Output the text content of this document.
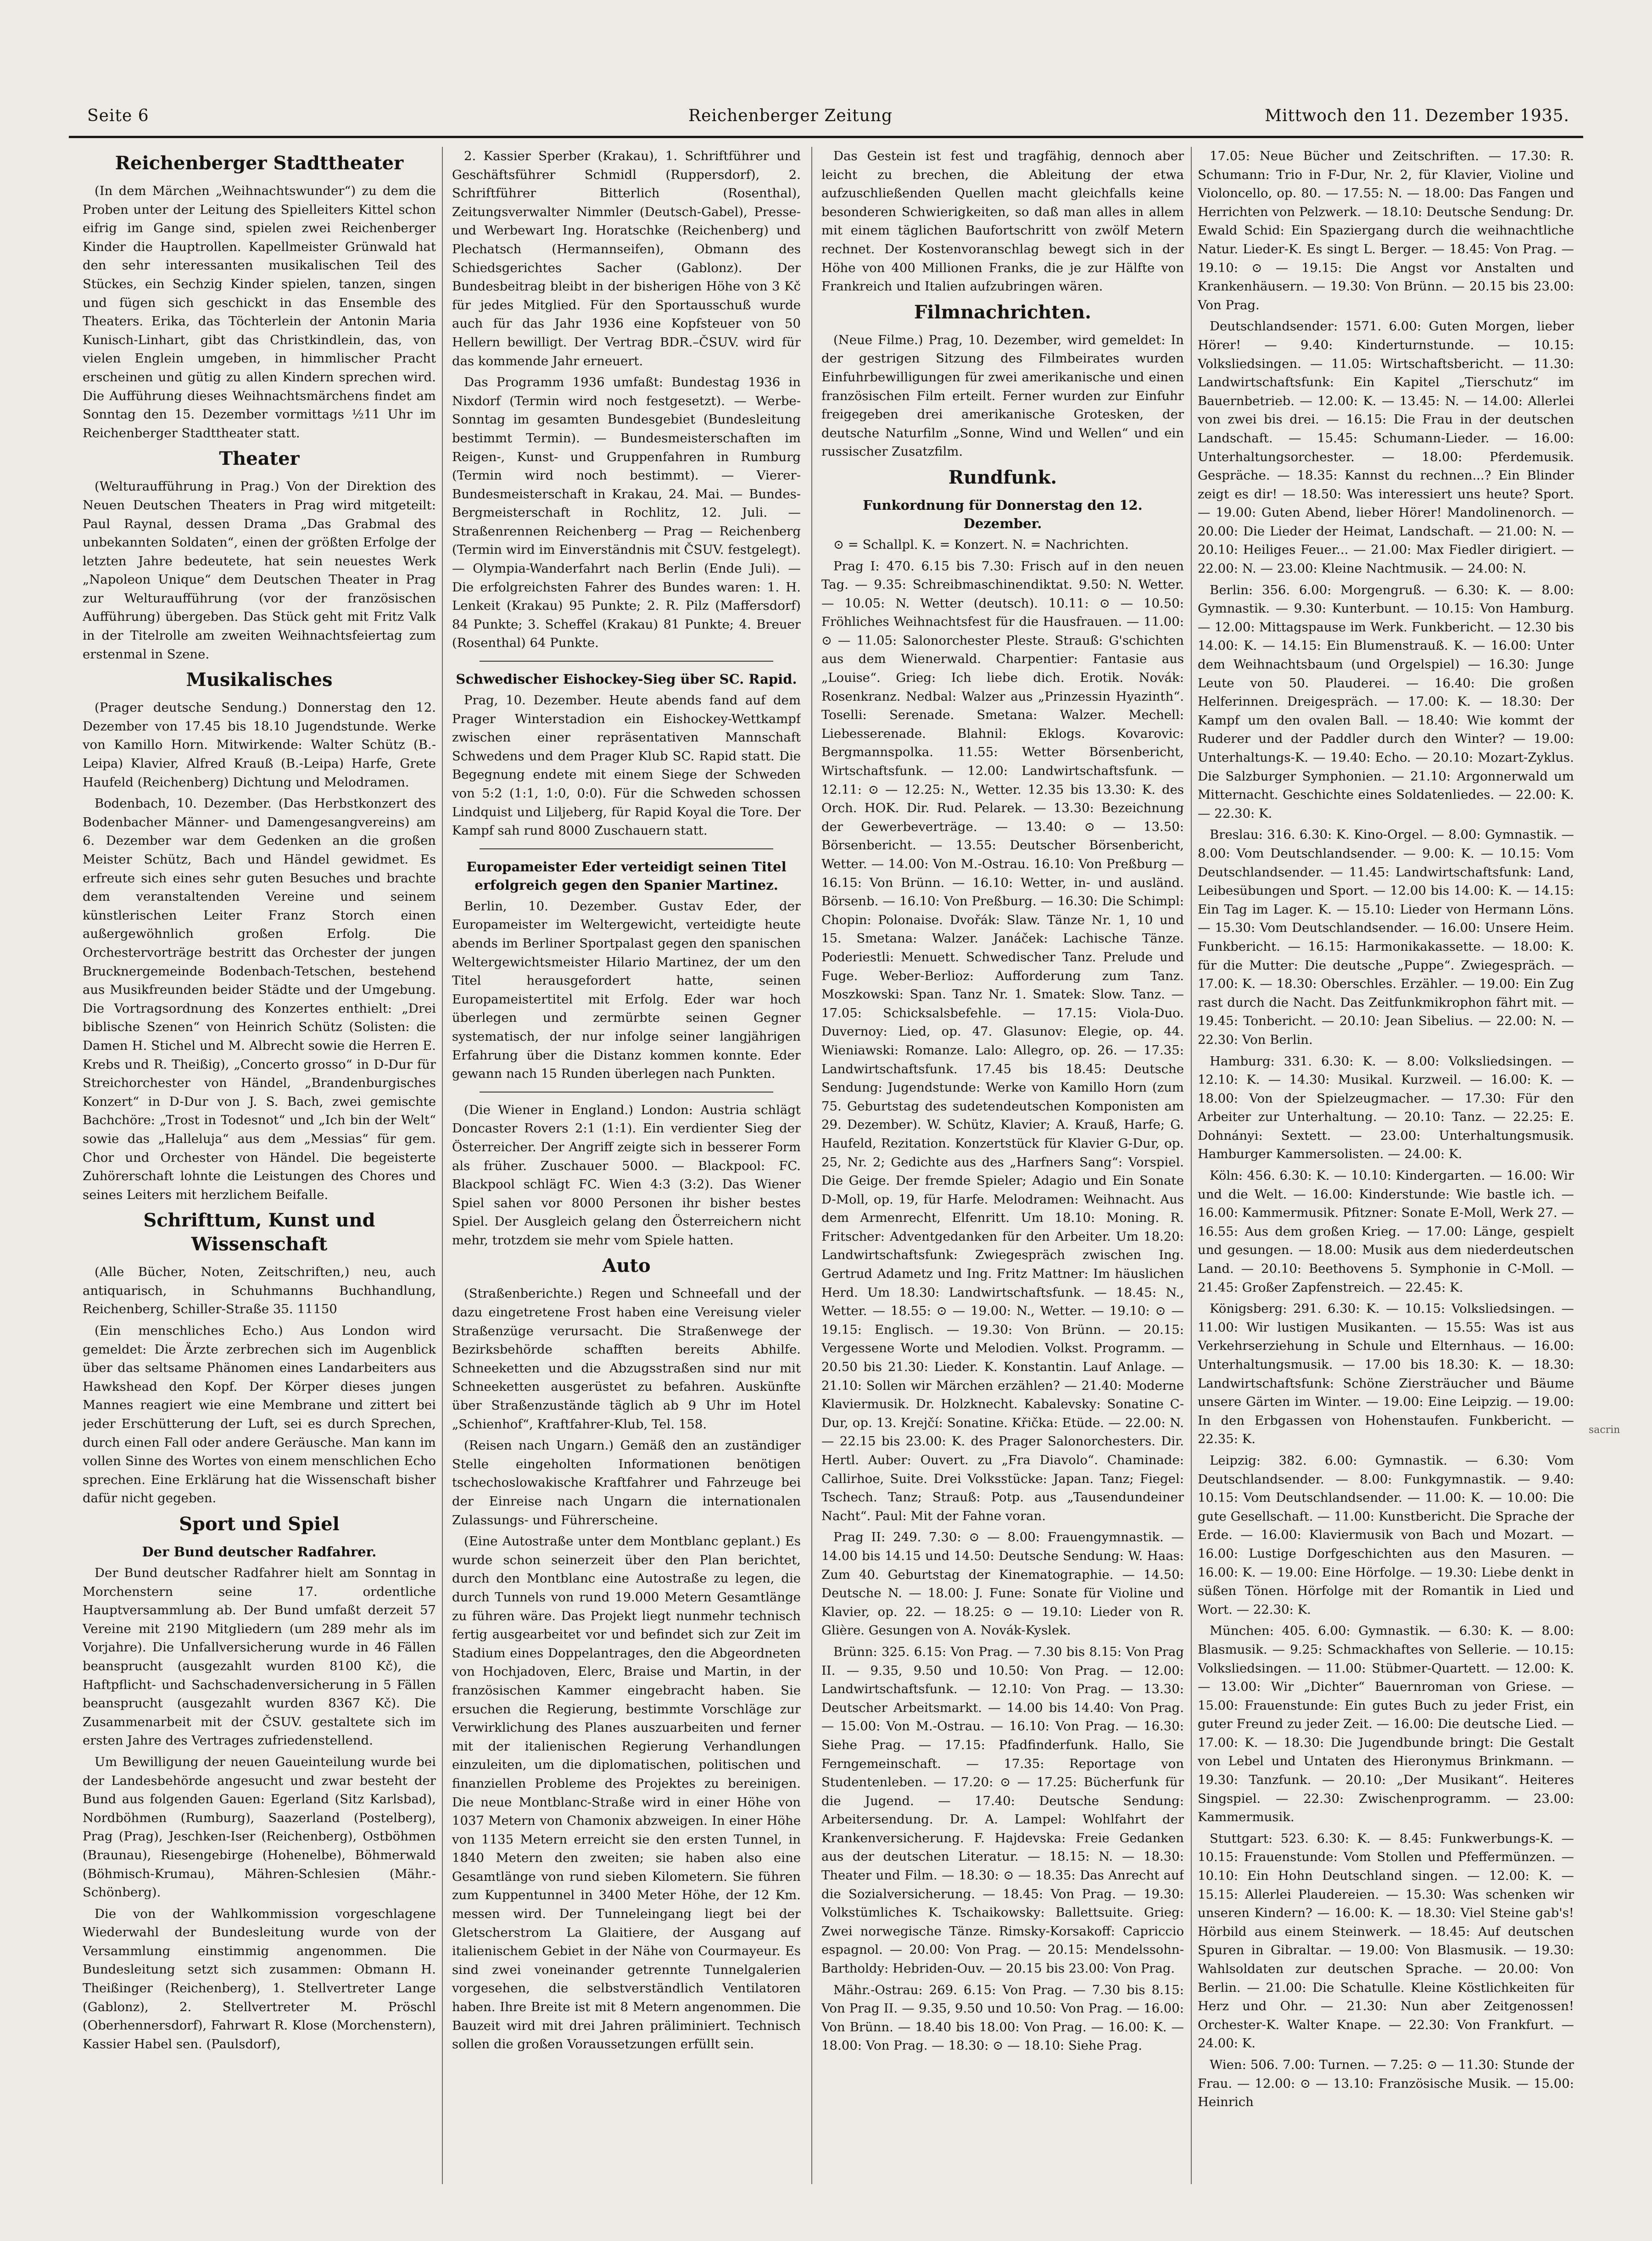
Seite 6	Reichenberger Zeitung	Mittwoch den 11. Dezember 1935.
Reichenberger Stadttheater

(In dem Märchen „Weihnachtswunder“) zu dem die Proben unter der Leitung des Spielleiters Kittel schon eifrig im Gange sind, spielen zwei Reichenberger Kinder die Hauptrollen. Kapellmeister Grünwald hat den sehr interessanten musikalischen Teil des Stückes, ein Sechzig Kinder spielen, tanzen, singen und fügen sich geschickt in das Ensemble des Theaters. Erika, das Töchterlein der Antonin Maria Kunisch-Linhart, gibt das Christkindlein, das, von vielen Englein umgeben, in himmlischer Pracht erscheinen und gütig zu allen Kindern sprechen wird. Die Aufführung dieses Weihnachtsmärchens findet am Sonntag den 15. Dezember vormittags ½11 Uhr im Reichenberger Stadttheater statt.

Theater

(Welturaufführung in Prag.) Von der Direktion des Neuen Deutschen Theaters in Prag wird mitgeteilt: Paul Raynal, dessen Drama „Das Grabmal des unbekannten Soldaten“, einen der größten Erfolge der letzten Jahre bedeutete, hat sein neuestes Werk „Napoleon Unique“ dem Deutschen Theater in Prag zur Welturaufführung (vor der französischen Aufführung) übergeben. Das Stück geht mit Fritz Valk in der Titelrolle am zweiten Weihnachtsfeiertag zum erstenmal in Szene.

Musikalisches

(Prager deutsche Sendung.) Donnerstag den 12. Dezember von 17.45 bis 18.10 Jugendstunde. Werke von Kamillo Horn. Mitwirkende: Walter Schütz (B.-Leipa) Klavier, Alfred Krauß (B.-Leipa) Harfe, Grete Haufeld (Reichenberg) Dichtung und Melodramen.

Bodenbach, 10. Dezember. (Das Herbstkonzert des Bodenbacher Männer- und Damengesangvereins) am 6. Dezember war dem Gedenken an die großen Meister Schütz, Bach und Händel gewidmet. Es erfreute sich eines sehr guten Besuches und brachte dem veranstaltenden Vereine und seinem künstlerischen Leiter Franz Storch einen außergewöhnlich großen Erfolg. Die Orchestervorträge bestritt das Orchester der jungen Brucknergemeinde Bodenbach-Tetschen, bestehend aus Musikfreunden beider Städte und der Umgebung. Die Vortragsordnung des Konzertes enthielt: „Drei biblische Szenen“ von Heinrich Schütz (Solisten: die Damen H. Stichel und M. Albrecht sowie die Herren E. Krebs und R. Theißig), „Concerto grosso“ in D-Dur für Streichorchester von Händel, „Brandenburgisches Konzert“ in D-Dur von J. S. Bach, zwei gemischte Bachchöre: „Trost in Todesnot“ und „Ich bin der Welt“ sowie das „Halleluja“ aus dem „Messias“ für gem. Chor und Orchester von Händel. Die begeisterte Zuhörerschaft lohnte die Leistungen des Chores und seines Leiters mit herzlichem Beifalle.

Schrifttum, Kunst und Wissenschaft

(Alle Bücher, Noten, Zeitschriften,) neu, auch antiquarisch, in Schuhmanns Buchhandlung, Reichenberg, Schiller-Straße 35. 11150

(Ein menschliches Echo.) Aus London wird gemeldet: Die Ärzte zerbrechen sich im Augenblick über das seltsame Phänomen eines Landarbeiters aus Hawkshead den Kopf. Der Körper dieses jungen Mannes reagiert wie eine Membrane und zittert bei jeder Erschütterung der Luft, sei es durch Sprechen, durch einen Fall oder andere Geräusche. Man kann im vollen Sinne des Wortes von einem menschlichen Echo sprechen. Eine Erklärung hat die Wissenschaft bisher dafür nicht gegeben.

Sport und Spiel
Der Bund deutscher Radfahrer.

Der Bund deutscher Radfahrer hielt am Sonntag in Morchenstern seine 17. ordentliche Hauptversammlung ab. Der Bund umfaßt derzeit 57 Vereine mit 2190 Mitgliedern (um 289 mehr als im Vorjahre). Die Unfallversicherung wurde in 46 Fällen beansprucht (ausgezahlt wurden 8100 Kč), die Haftpflicht- und Sachschadenversicherung in 5 Fällen beansprucht (ausgezahlt wurden 8367 Kč). Die Zusammenarbeit mit der ČSUV. gestaltete sich im ersten Jahre des Vertrages zufriedenstellend.

Um Bewilligung der neuen Gaueinteilung wurde bei der Landesbehörde angesucht und zwar besteht der Bund aus folgenden Gauen: Egerland (Sitz Karlsbad), Nordböhmen (Rumburg), Saazerland (Postelberg), Prag (Prag), Jeschken-Iser (Reichenberg), Ostböhmen (Braunau), Riesengebirge (Hohenelbe), Böhmerwald (Böhmisch-Krumau), Mähren-Schlesien (Mähr.-Schönberg).

Die von der Wahlkommission vorgeschlagene Wiederwahl der Bundesleitung wurde von der Versammlung einstimmig angenommen. Die Bundesleitung setzt sich zusammen: Obmann H. Theißinger (Reichenberg), 1. Stellvertreter Lange (Gablonz), 2. Stellvertreter M. Pröschl (Oberhennersdorf), Fahrwart R. Klose (Morchenstern), Kassier Habel sen. (Paulsdorf),

2. Kassier Sperber (Krakau), 1. Schriftführer und Geschäftsführer Schmidl (Ruppersdorf), 2. Schriftführer Bitterlich (Rosenthal), Zeitungsverwalter Nimmler (Deutsch-Gabel), Presse- und Werbewart Ing. Horatschke (Reichenberg) und Plechatsch (Hermannseifen), Obmann des Schiedsgerichtes Sacher (Gablonz). Der Bundesbeitrag bleibt in der bisherigen Höhe von 3 Kč für jedes Mitglied. Für den Sportausschuß wurde auch für das Jahr 1936 eine Kopfsteuer von 50 Hellern bewilligt. Der Vertrag BDR.–ČSUV. wird für das kommende Jahr erneuert.

Das Programm 1936 umfaßt: Bundestag 1936 in Nixdorf (Termin wird noch festgesetzt). — Werbe-Sonntag im gesamten Bundesgebiet (Bundesleitung bestimmt Termin). — Bundesmeisterschaften im Reigen-, Kunst- und Gruppenfahren in Rumburg (Termin wird noch bestimmt). — Vierer-Bundesmeisterschaft in Krakau, 24. Mai. — Bundes-Bergmeisterschaft in Rochlitz, 12. Juli. — Straßenrennen Reichenberg — Prag — Reichenberg (Termin wird im Einverständnis mit ČSUV. festgelegt). — Olympia-Wanderfahrt nach Berlin (Ende Juli). — Die erfolgreichsten Fahrer des Bundes waren: 1. H. Lenkeit (Krakau) 95 Punkte; 2. R. Pilz (Maffersdorf) 84 Punkte; 3. Scheffel (Krakau) 81 Punkte; 4. Breuer (Rosenthal) 64 Punkte.

Schwedischer Eishockey-Sieg über SC. Rapid.

Prag, 10. Dezember. Heute abends fand auf dem Prager Winterstadion ein Eishockey-Wettkampf zwischen einer repräsentativen Mannschaft Schwedens und dem Prager Klub SC. Rapid statt. Die Begegnung endete mit einem Siege der Schweden von 5:2 (1:1, 1:0, 0:0). Für die Schweden schossen Lindquist und Liljeberg, für Rapid Koyal die Tore. Der Kampf sah rund 8000 Zuschauern statt.

Europameister Eder verteidigt seinen Titel erfolgreich gegen den Spanier Martinez.

Berlin, 10. Dezember. Gustav Eder, der Europameister im Weltergewicht, verteidigte heute abends im Berliner Sportpalast gegen den spanischen Weltergewichtsmeister Hilario Martinez, der um den Titel herausgefordert hatte, seinen Europameistertitel mit Erfolg. Eder war hoch überlegen und zermürbte seinen Gegner systematisch, der nur infolge seiner langjährigen Erfahrung über die Distanz kommen konnte. Eder gewann nach 15 Runden überlegen nach Punkten.

(Die Wiener in England.) London: Austria schlägt Doncaster Rovers 2:1 (1:1). Ein verdienter Sieg der Österreicher. Der Angriff zeigte sich in besserer Form als früher. Zuschauer 5000. — Blackpool: FC. Blackpool schlägt FC. Wien 4:3 (3:2). Das Wiener Spiel sahen vor 8000 Personen ihr bisher bestes Spiel. Der Ausgleich gelang den Österreichern nicht mehr, trotzdem sie mehr vom Spiele hatten.

Auto

(Straßenberichte.) Regen und Schneefall und der dazu eingetretene Frost haben eine Vereisung vieler Straßenzüge verursacht. Die Straßenwege der Bezirksbehörde schafften bereits Abhilfe. Schneeketten und die Abzugsstraßen sind nur mit Schneeketten ausgerüstet zu befahren. Auskünfte über Straßenzustände täglich ab 9 Uhr im Hotel „Schienhof“, Kraftfahrer-Klub, Tel. 158.

(Reisen nach Ungarn.) Gemäß den an zuständiger Stelle eingeholten Informationen benötigen tschechoslowakische Kraftfahrer und Fahrzeuge bei der Einreise nach Ungarn die internationalen Zulassungs- und Führerscheine.

(Eine Autostraße unter dem Montblanc geplant.) Es wurde schon seinerzeit über den Plan berichtet, durch den Montblanc eine Autostraße zu legen, die durch Tunnels von rund 19.000 Metern Gesamtlänge zu führen wäre. Das Projekt liegt nunmehr technisch fertig ausgearbeitet vor und befindet sich zur Zeit im Stadium eines Doppelantrages, den die Abgeordneten von Hochjadoven, Elerc, Braise und Martin, in der französischen Kammer eingebracht haben. Sie ersuchen die Regierung, bestimmte Vorschläge zur Verwirklichung des Planes auszuarbeiten und ferner mit der italienischen Regierung Verhandlungen einzuleiten, um die diplomatischen, politischen und finanziellen Probleme des Projektes zu bereinigen. Die neue Montblanc-Straße wird in einer Höhe von 1037 Metern von Chamonix abzweigen. In einer Höhe von 1135 Metern erreicht sie den ersten Tunnel, in 1840 Metern den zweiten; sie haben also eine Gesamtlänge von rund sieben Kilometern. Sie führen zum Kuppentunnel in 3400 Meter Höhe, der 12 Km. messen wird. Der Tunneleingang liegt bei der Gletscherstrom La Glaitiere, der Ausgang auf italienischem Gebiet in der Nähe von Courmayeur. Es sind zwei voneinander getrennte Tunnelgalerien vorgesehen, die selbstverständlich Ventilatoren haben. Ihre Breite ist mit 8 Metern angenommen. Die Bauzeit wird mit drei Jahren präliminiert. Technisch sollen die großen Voraussetzungen erfüllt sein.

Das Gestein ist fest und tragfähig, dennoch aber leicht zu brechen, die Ableitung der etwa aufzuschließenden Quellen macht gleichfalls keine besonderen Schwierigkeiten, so daß man alles in allem mit einem täglichen Baufortschritt von zwölf Metern rechnet. Der Kostenvoranschlag bewegt sich in der Höhe von 400 Millionen Franks, die je zur Hälfte von Frankreich und Italien aufzubringen wären.

Filmnachrichten.

(Neue Filme.) Prag, 10. Dezember, wird gemeldet: In der gestrigen Sitzung des Filmbeirates wurden Einfuhrbewilligungen für zwei amerikanische und einen französischen Film erteilt. Ferner wurden zur Einfuhr freigegeben drei amerikanische Grotesken, der deutsche Naturfilm „Sonne, Wind und Wellen“ und ein russischer Zusatzfilm.

Rundfunk.
Funkordnung für Donnerstag den 12. Dezember.

⊙ = Schallpl. K. = Konzert. N. = Nachrichten.

Prag I: 470. 6.15 bis 7.30: Frisch auf in den neuen Tag. — 9.35: Schreibmaschinendiktat. 9.50: N. Wetter. — 10.05: N. Wetter (deutsch). 10.11: ⊙ — 10.50: Fröhliches Weihnachtsfest für die Hausfrauen. — 11.00: ⊙ — 11.05: Salonorchester Pleste. Strauß: G'schichten aus dem Wienerwald. Charpentier: Fantasie aus „Louise“. Grieg: Ich liebe dich. Erotik. Novák: Rosenkranz. Nedbal: Walzer aus „Prinzessin Hyazinth“. Toselli: Serenade. Smetana: Walzer. Mechell: Liebesserenade. Blahnil: Eklogs. Kovarovic: Bergmannspolka. 11.55: Wetter Börsenbericht, Wirtschaftsfunk. — 12.00: Landwirtschaftsfunk. — 12.11: ⊙ — 12.25: N., Wetter. 12.35 bis 13.30: K. des Orch. HOK. Dir. Rud. Pelarek. — 13.30: Bezeichnung der Gewerbeverträge. — 13.40: ⊙ — 13.50: Börsenbericht. — 13.55: Deutscher Börsenbericht, Wetter. — 14.00: Von M.-Ostrau. 16.10: Von Preßburg — 16.15: Von Brünn. — 16.10: Wetter, in- und ausländ. Börsenb. — 16.10: Von Preßburg. — 16.30: Die Schimpl: Chopin: Polonaise. Dvořák: Slaw. Tänze Nr. 1, 10 und 15. Smetana: Walzer. Janáček: Lachische Tänze. Poderiestli: Menuett. Schwedischer Tanz. Prelude und Fuge. Weber-Berlioz: Aufforderung zum Tanz. Moszkowski: Span. Tanz Nr. 1. Smatek: Slow. Tanz. — 17.05: Schicksalsbefehle. — 17.15: Viola-Duo. Duvernoy: Lied, op. 47. Glasunov: Elegie, op. 44. Wieniawski: Romanze. Lalo: Allegro, op. 26. — 17.35: Landwirtschaftsfunk. 17.45 bis 18.45: Deutsche Sendung: Jugendstunde: Werke von Kamillo Horn (zum 75. Geburtstag des sudetendeutschen Komponisten am 29. Dezember). W. Schütz, Klavier; A. Krauß, Harfe; G. Haufeld, Rezitation. Konzertstück für Klavier G-Dur, op. 25, Nr. 2; Gedichte aus des „Harfners Sang“: Vorspiel. Die Geige. Der fremde Spieler; Adagio und Ein Sonate D-Moll, op. 19, für Harfe. Melodramen: Weihnacht. Aus dem Armenrecht, Elfenritt. Um 18.10: Moning. R. Fritscher: Adventgedanken für den Arbeiter. Um 18.20: Landwirtschaftsfunk: Zwiegespräch zwischen Ing. Gertrud Adametz und Ing. Fritz Mattner: Im häuslichen Herd. Um 18.30: Landwirtschaftsfunk. — 18.45: N., Wetter. — 18.55: ⊙ — 19.00: N., Wetter. — 19.10: ⊙ — 19.15: Englisch. — 19.30: Von Brünn. — 20.15: Vergessene Worte und Melodien. Volkst. Programm. — 20.50 bis 21.30: Lieder. K. Konstantin. Lauf Anlage. — 21.10: Sollen wir Märchen erzählen? — 21.40: Moderne Klaviermusik. Dr. Holzknecht. Kabalevsky: Sonatine C-Dur, op. 13. Krejčí: Sonatine. Křička: Etüde. — 22.00: N. — 22.15 bis 23.00: K. des Prager Salonorchesters. Dir. Hertl. Auber: Ouvert. zu „Fra Diavolo“. Chaminade: Callirhoe, Suite. Drei Volksstücke: Japan. Tanz; Fiegel: Tschech. Tanz; Strauß: Potp. aus „Tausendundeiner Nacht“. Paul: Mit der Fahne voran.

Prag II: 249. 7.30: ⊙ — 8.00: Frauengymnastik. — 14.00 bis 14.15 und 14.50: Deutsche Sendung: W. Haas: Zum 40. Geburtstag der Kinematographie. — 14.50: Deutsche N. — 18.00: J. Fune: Sonate für Violine und Klavier, op. 22. — 18.25: ⊙ — 19.10: Lieder von R. Glière. Gesungen von A. Novák-Kyslek.

Brünn: 325. 6.15: Von Prag. — 7.30 bis 8.15: Von Prag II. — 9.35, 9.50 und 10.50: Von Prag. — 12.00: Landwirtschaftsfunk. — 12.10: Von Prag. — 13.30: Deutscher Arbeitsmarkt. — 14.00 bis 14.40: Von Prag. — 15.00: Von M.-Ostrau. — 16.10: Von Prag. — 16.30: Siehe Prag. — 17.15: Pfadfinderfunk. Hallo, Sie Ferngemeinschaft. — 17.35: Reportage von Studentenleben. — 17.20: ⊙ — 17.25: Bücherfunk für die Jugend. — 17.40: Deutsche Sendung: Arbeitersendung. Dr. A. Lampel: Wohlfahrt der Krankenversicherung. F. Hajdevska: Freie Gedanken aus der deutschen Literatur. — 18.15: N. — 18.30: Theater und Film. — 18.30: ⊙ — 18.35: Das Anrecht auf die Sozialversicherung. — 18.45: Von Prag. — 19.30: Volkstümliches K. Tschaikowsky: Ballettsuite. Grieg: Zwei norwegische Tänze. Rimsky-Korsakoff: Capriccio espagnol. — 20.00: Von Prag. — 20.15: Mendelssohn-Bartholdy: Hebriden-Ouv. — 20.15 bis 23.00: Von Prag.

Mähr.-Ostrau: 269. 6.15: Von Prag. — 7.30 bis 8.15: Von Prag II. — 9.35, 9.50 und 10.50: Von Prag. — 16.00: Von Brünn. — 18.40 bis 18.00: Von Prag. — 16.00: K. — 18.00: Von Prag. — 18.30: ⊙ — 18.10: Siehe Prag.

17.05: Neue Bücher und Zeitschriften. — 17.30: R. Schumann: Trio in F-Dur, Nr. 2, für Klavier, Violine und Violoncello, op. 80. — 17.55: N. — 18.00: Das Fangen und Herrichten von Pelzwerk. — 18.10: Deutsche Sendung: Dr. Ewald Schid: Ein Spaziergang durch die weihnachtliche Natur. Lieder-K. Es singt L. Berger. — 18.45: Von Prag. — 19.10: ⊙ — 19.15: Die Angst vor Anstalten und Krankenhäusern. — 19.30: Von Brünn. — 20.15 bis 23.00: Von Prag.

Deutschlandsender: 1571. 6.00: Guten Morgen, lieber Hörer! — 9.40: Kinderturnstunde. — 10.15: Volksliedsingen. — 11.05: Wirtschaftsbericht. — 11.30: Landwirtschaftsfunk: Ein Kapitel „Tierschutz“ im Bauernbetrieb. — 12.00: K. — 13.45: N. — 14.00: Allerlei von zwei bis drei. — 16.15: Die Frau in der deutschen Landschaft. — 15.45: Schumann-Lieder. — 16.00: Unterhaltungsorchester. — 18.00: Pferdemusik. Gespräche. — 18.35: Kannst du rechnen...? Ein Blinder zeigt es dir! — 18.50: Was interessiert uns heute? Sport. — 19.00: Guten Abend, lieber Hörer! Mandolinenorch. — 20.00: Die Lieder der Heimat, Landschaft. — 21.00: N. — 20.10: Heiliges Feuer... — 21.00: Max Fiedler dirigiert. — 22.00: N. — 23.00: Kleine Nachtmusik. — 24.00: N.

Berlin: 356. 6.00: Morgengruß. — 6.30: K. — 8.00: Gymnastik. — 9.30: Kunterbunt. — 10.15: Von Hamburg. — 12.00: Mittagspause im Werk. Funkbericht. — 12.30 bis 14.00: K. — 14.15: Ein Blumenstrauß. K. — 16.00: Unter dem Weihnachtsbaum (und Orgelspiel) — 16.30: Junge Leute von 50. Plauderei. — 16.40: Die großen Helferinnen. Dreigespräch. — 17.00: K. — 18.30: Der Kampf um den ovalen Ball. — 18.40: Wie kommt der Ruderer und der Paddler durch den Winter? — 19.00: Unterhaltungs-K. — 19.40: Echo. — 20.10: Mozart-Zyklus. Die Salzburger Symphonien. — 21.10: Argonnerwald um Mitternacht. Geschichte eines Soldatenliedes. — 22.00: K. — 22.30: K.

Breslau: 316. 6.30: K. Kino-Orgel. — 8.00: Gymnastik. — 8.00: Vom Deutschlandsender. — 9.00: K. — 10.15: Vom Deutschlandsender. — 11.45: Landwirtschaftsfunk: Land, Leibesübungen und Sport. — 12.00 bis 14.00: K. — 14.15: Ein Tag im Lager. K. — 15.10: Lieder von Hermann Löns. — 15.30: Vom Deutschlandsender. — 16.00: Unsere Heim. Funkbericht. — 16.15: Harmonikakassette. — 18.00: K. für die Mutter: Die deutsche „Puppe“. Zwiegespräch. — 17.00: K. — 18.30: Oberschles. Erzähler. — 19.00: Ein Zug rast durch die Nacht. Das Zeitfunkmikrophon fährt mit. — 19.45: Tonbericht. — 20.10: Jean Sibelius. — 22.00: N. — 22.30: Von Berlin.

Hamburg: 331. 6.30: K. — 8.00: Volksliedsingen. — 12.10: K. — 14.30: Musikal. Kurzweil. — 16.00: K. — 18.00: Von der Spielzeugmacher. — 17.30: Für den Arbeiter zur Unterhaltung. — 20.10: Tanz. — 22.25: E. Dohnányi: Sextett. — 23.00: Unterhaltungsmusik. Hamburger Kammersolisten. — 24.00: K.

Köln: 456. 6.30: K. — 10.10: Kindergarten. — 16.00: Wir und die Welt. — 16.00: Kinderstunde: Wie bastle ich. — 16.00: Kammermusik. Pfitzner: Sonate E-Moll, Werk 27. — 16.55: Aus dem großen Krieg. — 17.00: Länge, gespielt und gesungen. — 18.00: Musik aus dem niederdeutschen Land. — 20.10: Beethovens 5. Symphonie in C-Moll. — 21.45: Großer Zapfenstreich. — 22.45: K.

Königsberg: 291. 6.30: K. — 10.15: Volksliedsingen. — 11.00: Wir lustigen Musikanten. — 15.55: Was ist aus Verkehrserziehung in Schule und Elternhaus. — 16.00: Unterhaltungsmusik. — 17.00 bis 18.30: K. — 18.30: Landwirtschaftsfunk: Schöne Ziersträucher und Bäume unsere Gärten im Winter. — 19.00: Eine Leipzig. — 19.00: In den Erbgassen von Hohenstaufen. Funkbericht. — 22.35: K.

Leipzig: 382. 6.00: Gymnastik. — 6.30: Vom Deutschlandsender. — 8.00: Funkgymnastik. — 9.40: 10.15: Vom Deutschlandsender. — 11.00: K. — 10.00: Die gute Gesellschaft. — 11.00: Kunstbericht. Die Sprache der Erde. — 16.00: Klaviermusik von Bach und Mozart. — 16.00: Lustige Dorfgeschichten aus den Masuren. — 16.00: K. — 19.00: Eine Hörfolge. — 19.30: Liebe denkt in süßen Tönen. Hörfolge mit der Romantik in Lied und Wort. — 22.30: K.

München: 405. 6.00: Gymnastik. — 6.30: K. — 8.00: Blasmusik. — 9.25: Schmackhaftes von Sellerie. — 10.15: Volksliedsingen. — 11.00: Stübmer-Quartett. — 12.00: K. — 13.00: Wir „Dichter“ Bauernroman von Griese. — 15.00: Frauenstunde: Ein gutes Buch zu jeder Frist, ein guter Freund zu jeder Zeit. — 16.00: Die deutsche Lied. — 17.00: K. — 18.30: Die Jugendbunde bringt: Die Gestalt von Lebel und Untaten des Hieronymus Brinkmann. — 19.30: Tanzfunk. — 20.10: „Der Musikant“. Heiteres Singspiel. — 22.30: Zwischenprogramm. — 23.00: Kammermusik.

Stuttgart: 523. 6.30: K. — 8.45: Funkwerbungs-K. — 10.15: Frauenstunde: Vom Stollen und Pfeffermünzen. — 10.10: Ein Hohn Deutschland singen. — 12.00: K. — 15.15: Allerlei Plaudereien. — 15.30: Was schenken wir unseren Kindern? — 16.00: K. — 18.30: Viel Steine gab's! Hörbild aus einem Steinwerk. — 18.45: Auf deutschen Spuren in Gibraltar. — 19.00: Von Blasmusik. — 19.30: Wahlsoldaten zur deutschen Sprache. — 20.00: Von Berlin. — 21.00: Die Schatulle. Kleine Köstlichkeiten für Herz und Ohr. — 21.30: Nun aber Zeitgenossen! Orchester-K. Walter Knape. — 22.30: Von Frankfurt. — 24.00: K.

Wien: 506. 7.00: Turnen. — 7.25: ⊙ — 11.30: Stunde der Frau. — 12.00: ⊙ — 13.10: Französische Musik. — 15.00: Heinrich

sacrin
